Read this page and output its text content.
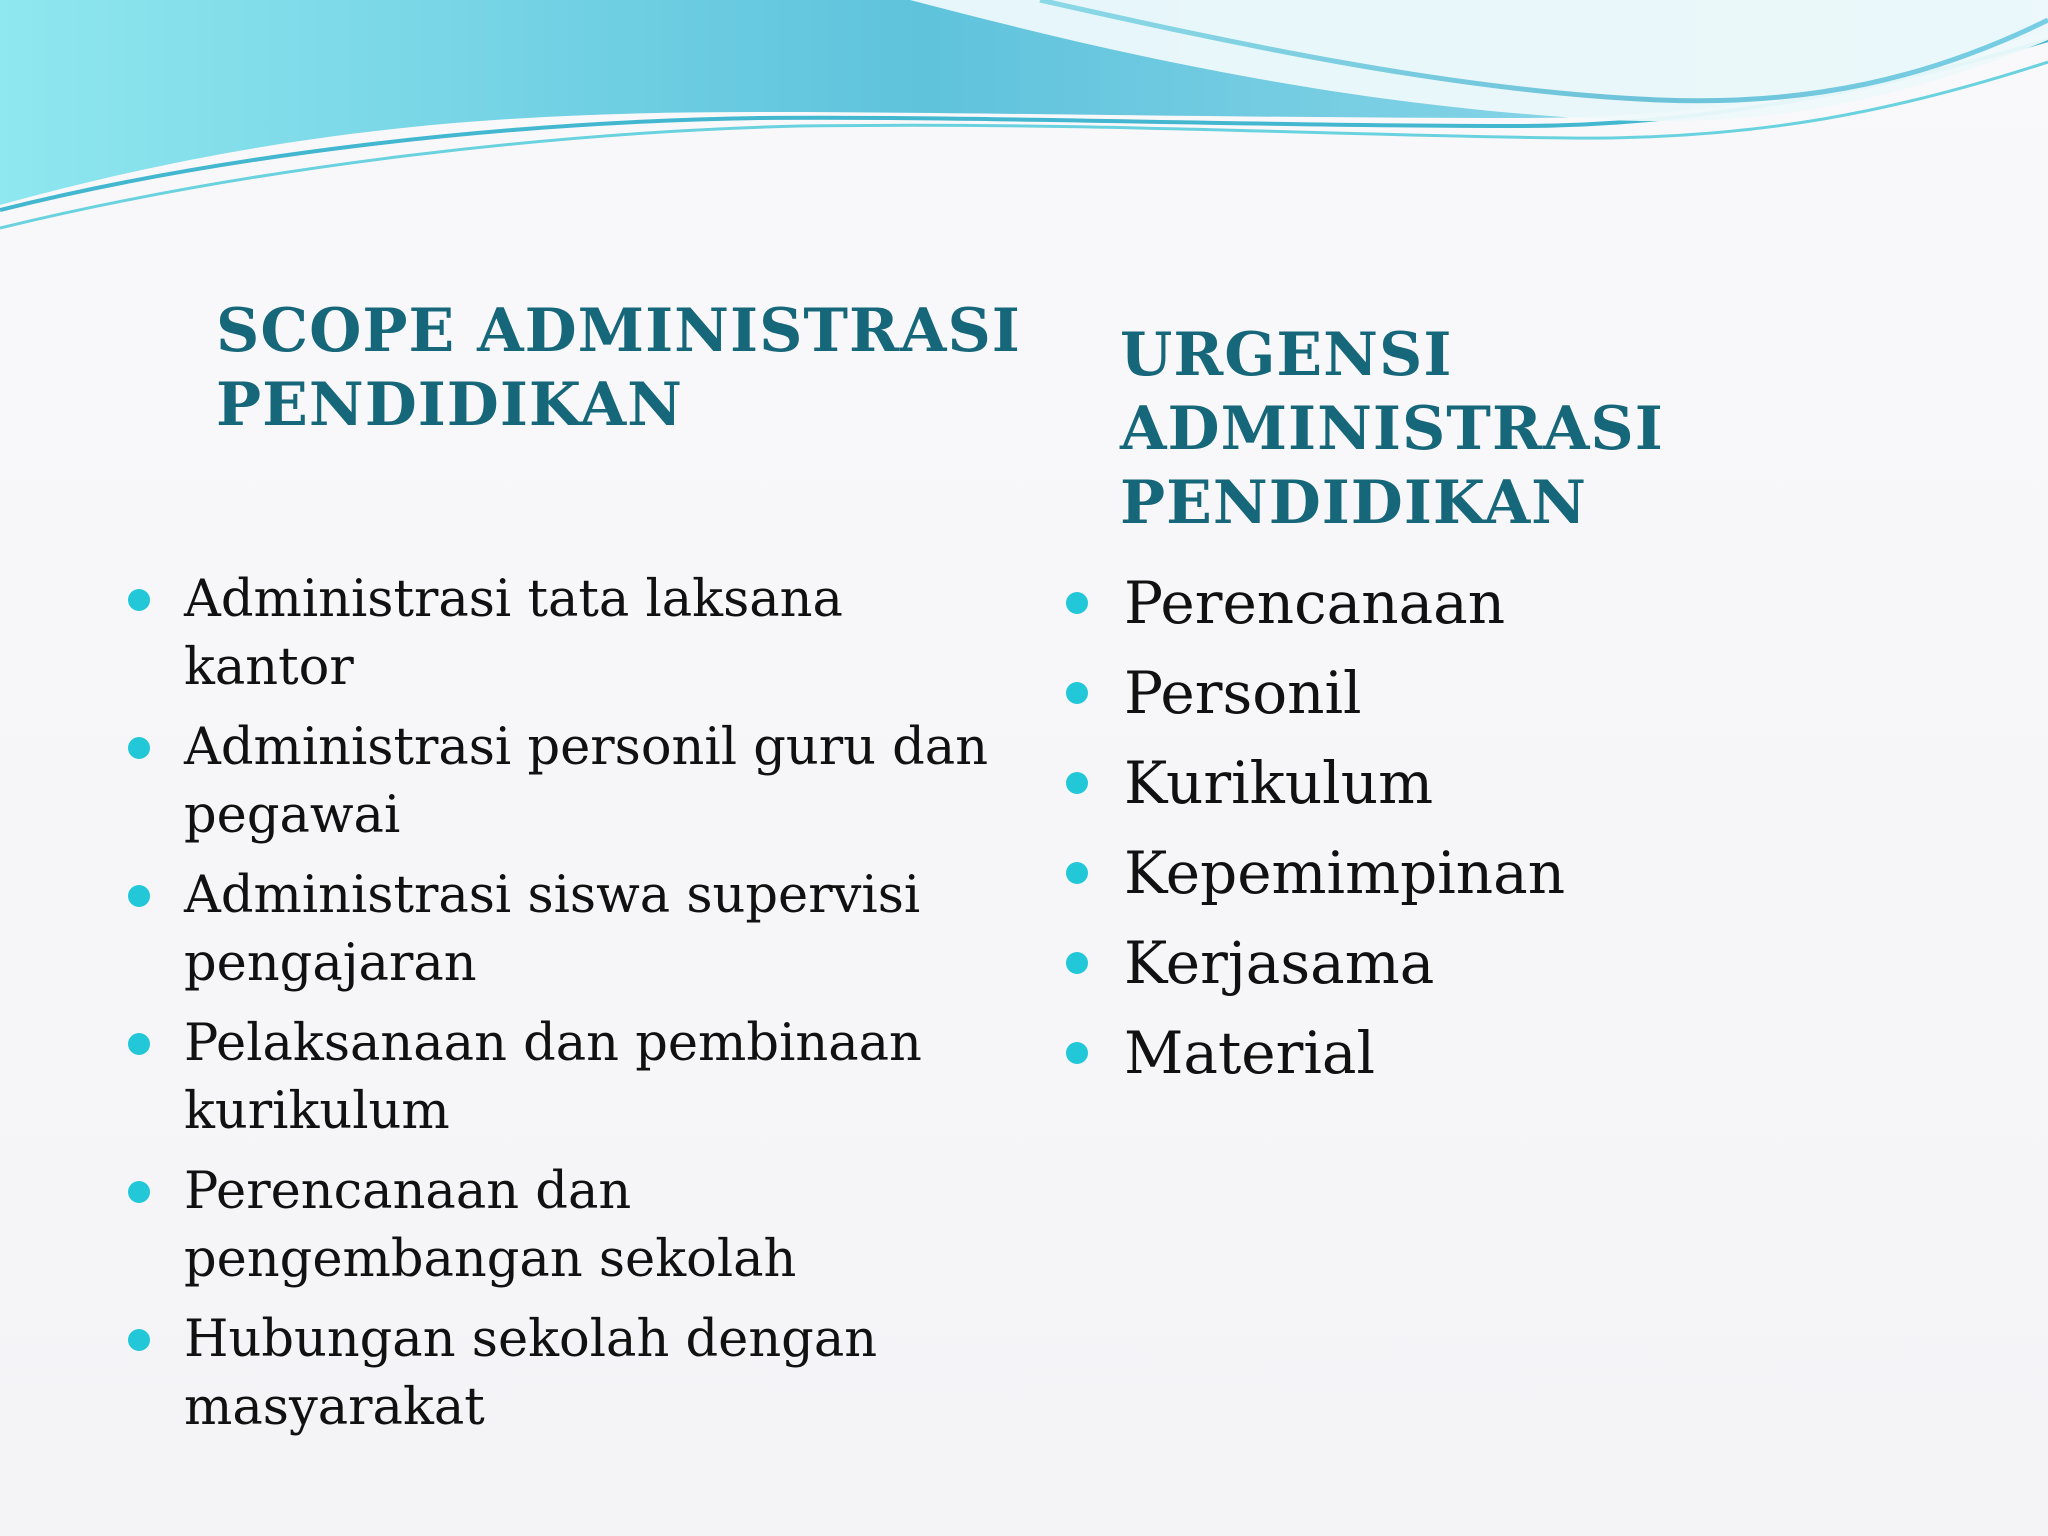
SCOPE ADMINISTRASI
PENDIDIKAN
URGENSI ADMINISTRASI
PENDIDIKAN
Administrasi tata laksana kantor
Administrasi personil guru dan pegawai
Administrasi siswa supervisi pengajaran
Pelaksanaan dan pembinaan kurikulum
Perencanaan dan pengembangan sekolah
Hubungan sekolah dengan masyarakat
Perencanaan
Personil
Kurikulum
Kepemimpinan
Kerjasama
Material
